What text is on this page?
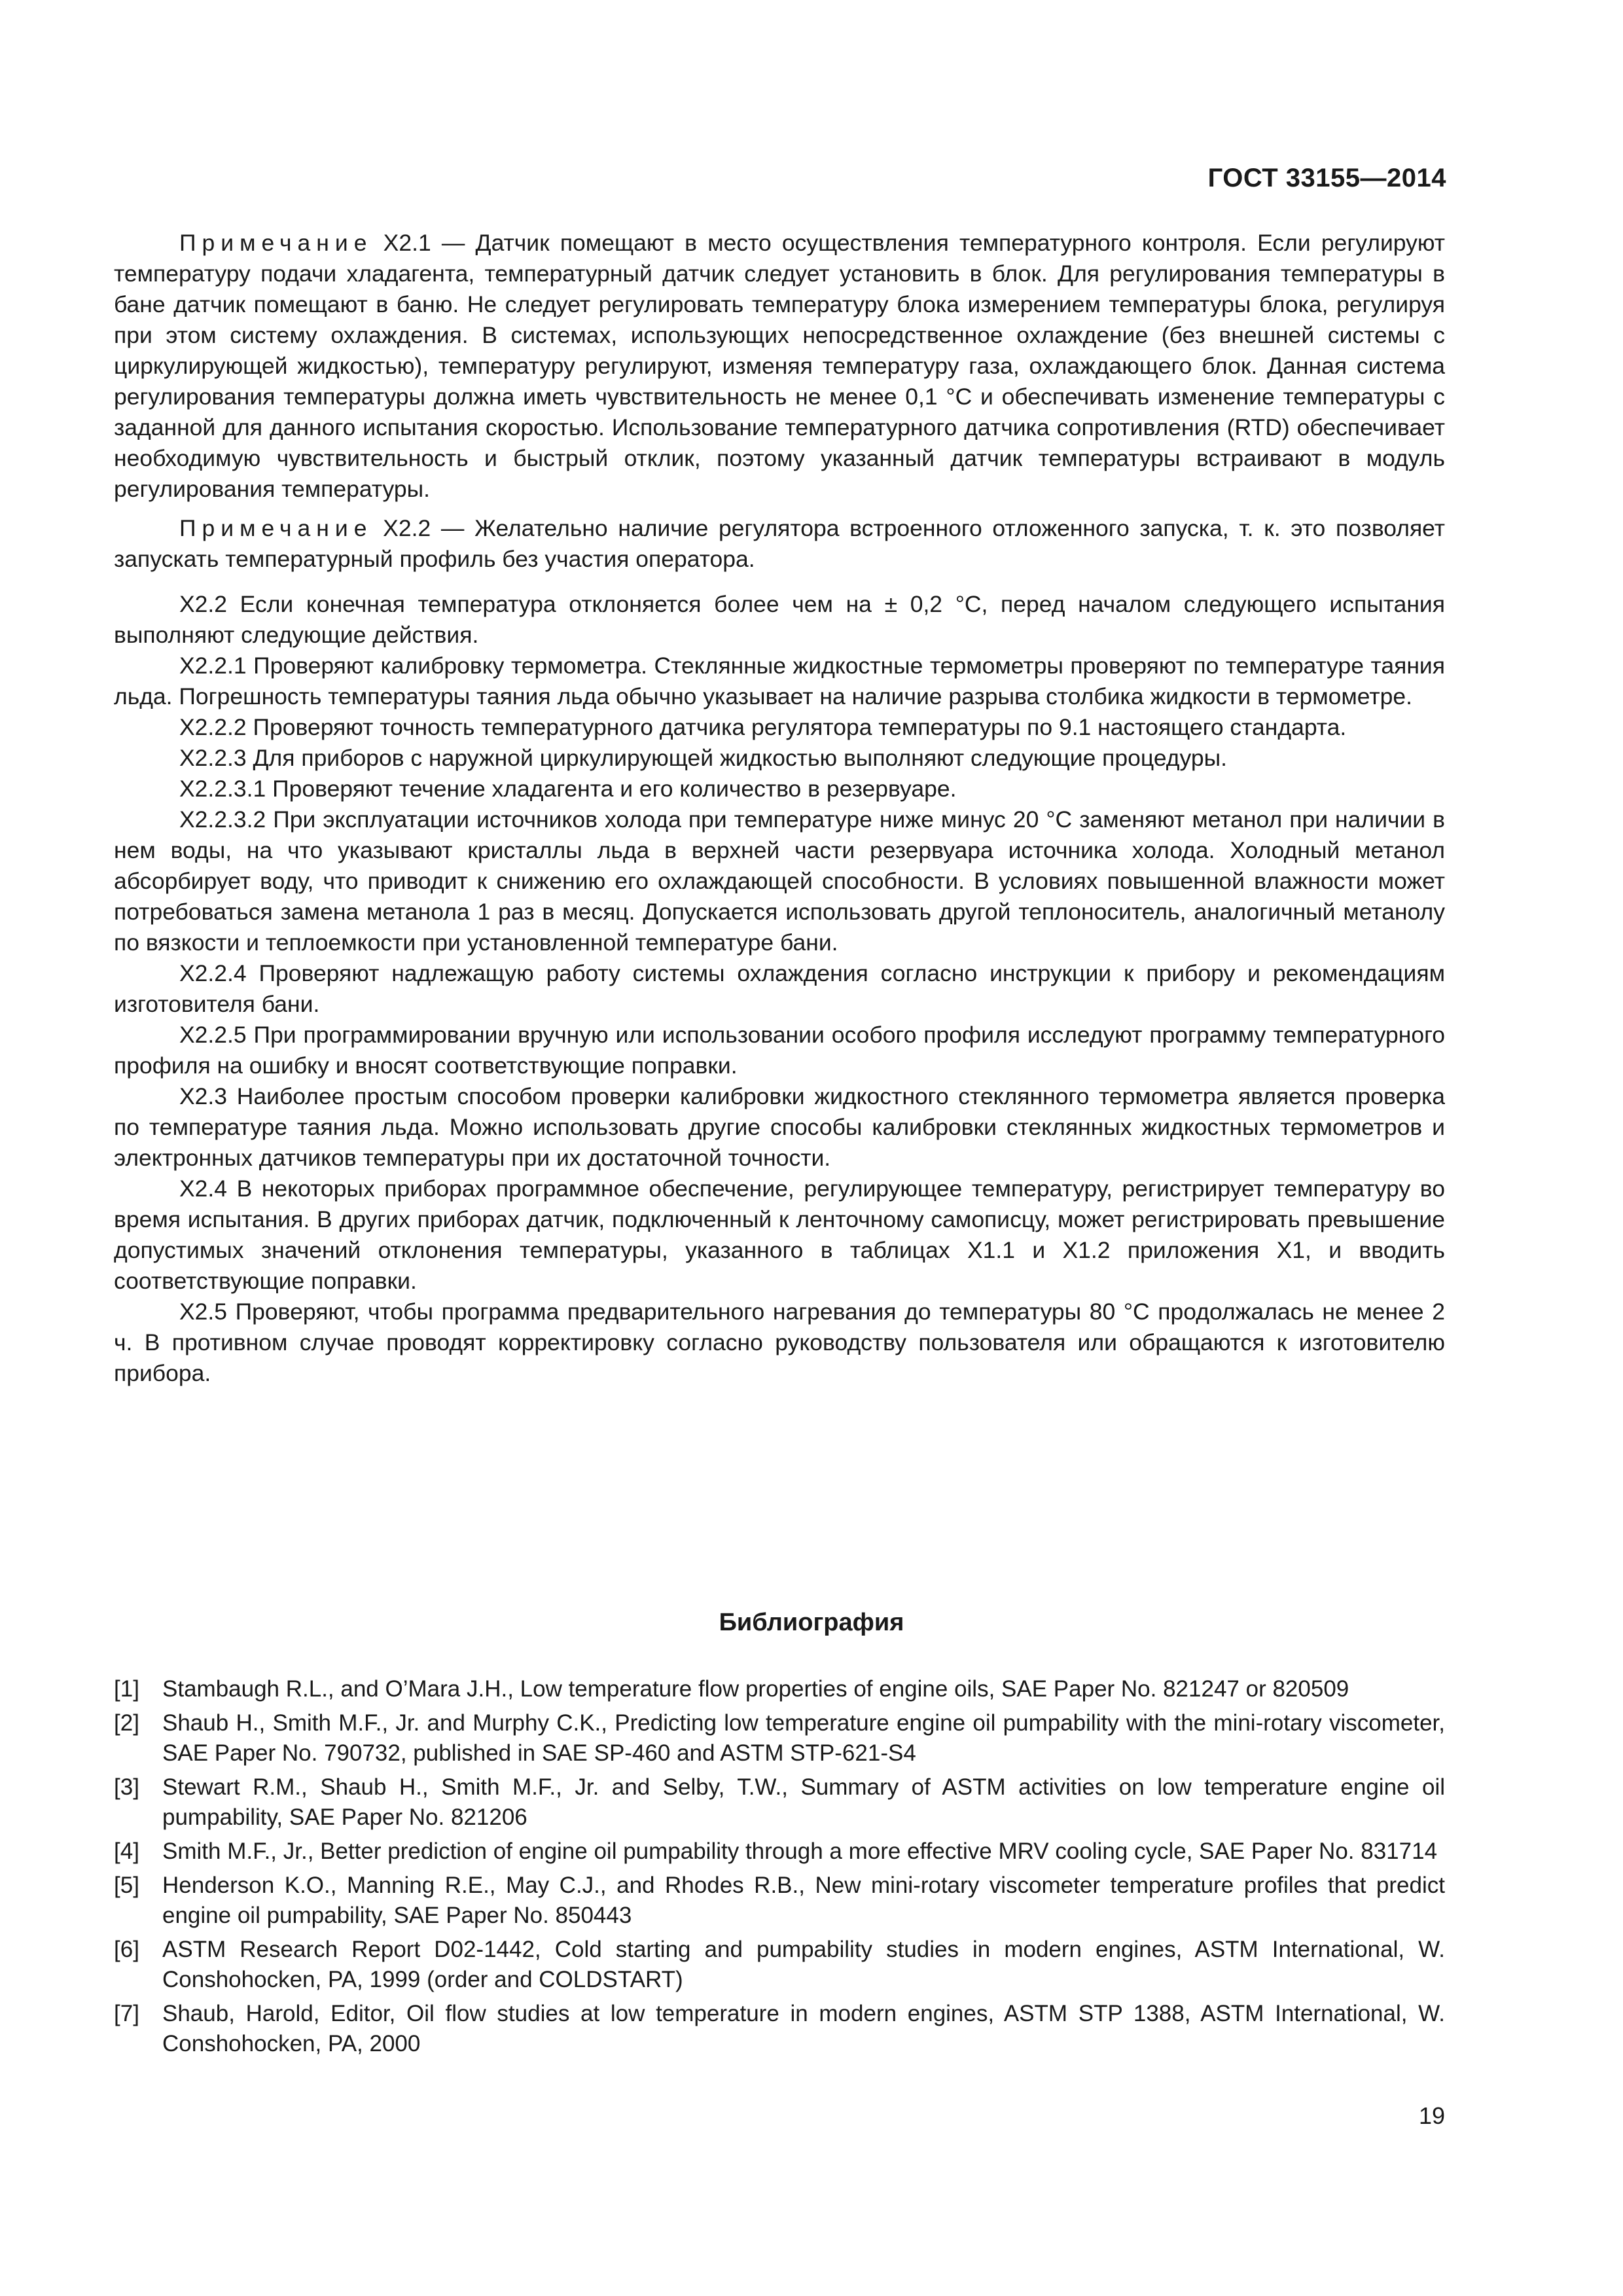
ГОСТ 33155—2014

Примечание X2.1 — Датчик помещают в место осуществления температурного контроля. Если регулируют температуру подачи хладагента, температурный датчик следует установить в блок. Для регулирования температуры в бане датчик помещают в баню. Не следует регулировать температуру блока измерением температуры блока, регулируя при этом систему охлаждения. В системах, использующих непосредственное охлаждение (без внешней системы с циркулирующей жидкостью), температуру регулируют, изменяя температуру газа, охлаждающего блок. Данная система регулирования температуры должна иметь чувствительность не менее 0,1 °С и обеспечивать изменение температуры с заданной для данного испытания скоростью. Использование температурного датчика сопротивления (RTD) обеспечивает необходимую чувствительность и быстрый отклик, поэтому указанный датчик температуры встраивают в модуль регулирования температуры.

Примечание X2.2 — Желательно наличие регулятора встроенного отложенного запуска, т. к. это позволяет запускать температурный профиль без участия оператора.

X2.2 Если конечная температура отклоняется более чем на ± 0,2 °С, перед началом следующего испытания выполняют следующие действия.

X2.2.1 Проверяют калибровку термометра. Стеклянные жидкостные термометры проверяют по температуре таяния льда. Погрешность температуры таяния льда обычно указывает на наличие разрыва столбика жидкости в термометре.

X2.2.2 Проверяют точность температурного датчика регулятора температуры по 9.1 настоящего стандарта.

X2.2.3 Для приборов с наружной циркулирующей жидкостью выполняют следующие процедуры.

X2.2.3.1 Проверяют течение хладагента и его количество в резервуаре.

X2.2.3.2 При эксплуатации источников холода при температуре ниже минус 20 °С заменяют метанол при наличии в нем воды, на что указывают кристаллы льда в верхней части резервуара источника холода. Холодный метанол абсорбирует воду, что приводит к снижению его охлаждающей способности. В условиях повышенной влажности может потребоваться замена метанола 1 раз в месяц. Допускается использовать другой теплоноситель, аналогичный метанолу по вязкости и теплоемкости при установленной температуре бани.

X2.2.4 Проверяют надлежащую работу системы охлаждения согласно инструкции к прибору и рекомендациям изготовителя бани.

X2.2.5 При программировании вручную или использовании особого профиля исследуют программу температурного профиля на ошибку и вносят соответствующие поправки.

X2.3 Наиболее простым способом проверки калибровки жидкостного стеклянного термометра является проверка по температуре таяния льда. Можно использовать другие способы калибровки стеклянных жидкостных термометров и электронных датчиков температуры при их достаточной точности.

X2.4 В некоторых приборах программное обеспечение, регулирующее температуру, регистрирует температуру во время испытания. В других приборах датчик, подключенный к ленточному самописцу, может регистрировать превышение допустимых значений отклонения температуры, указанного в таблицах X1.1 и X1.2 приложения X1, и вводить соответствующие поправки.

X2.5 Проверяют, чтобы программа предварительного нагревания до температуры 80 °С продолжалась не менее 2 ч. В противном случае проводят корректировку согласно руководству пользователя или обращаются к изготовителю прибора.

Библиография
[1] Stambaugh R.L., and O’Mara J.H., Low temperature flow properties of engine oils, SAE Paper No. 821247 or 820509
[2] Shaub H., Smith M.F., Jr. and Murphy C.K., Predicting low temperature engine oil pumpability with the mini-rotary viscometer, SAE Paper No. 790732, published in SAE SP-460 and ASTM STP-621-S4
[3] Stewart R.M., Shaub H., Smith M.F., Jr. and Selby, T.W., Summary of ASTM activities on low temperature engine oil pumpability, SAE Paper No. 821206
[4] Smith M.F., Jr., Better prediction of engine oil pumpability through a more effective MRV cooling cycle, SAE Paper No. 831714
[5] Henderson K.O., Manning R.E., May C.J., and Rhodes R.B., New mini-rotary viscometer temperature profiles that predict engine oil pumpability, SAE Paper No. 850443
[6] ASTM Research Report D02-1442, Cold starting and pumpability studies in modern engines, ASTM International, W. Conshohocken, PA, 1999 (order and COLDSTART)
[7] Shaub, Harold, Editor, Oil flow studies at low temperature in modern engines, ASTM STP 1388, ASTM International, W. Conshohocken, PA, 2000
19
